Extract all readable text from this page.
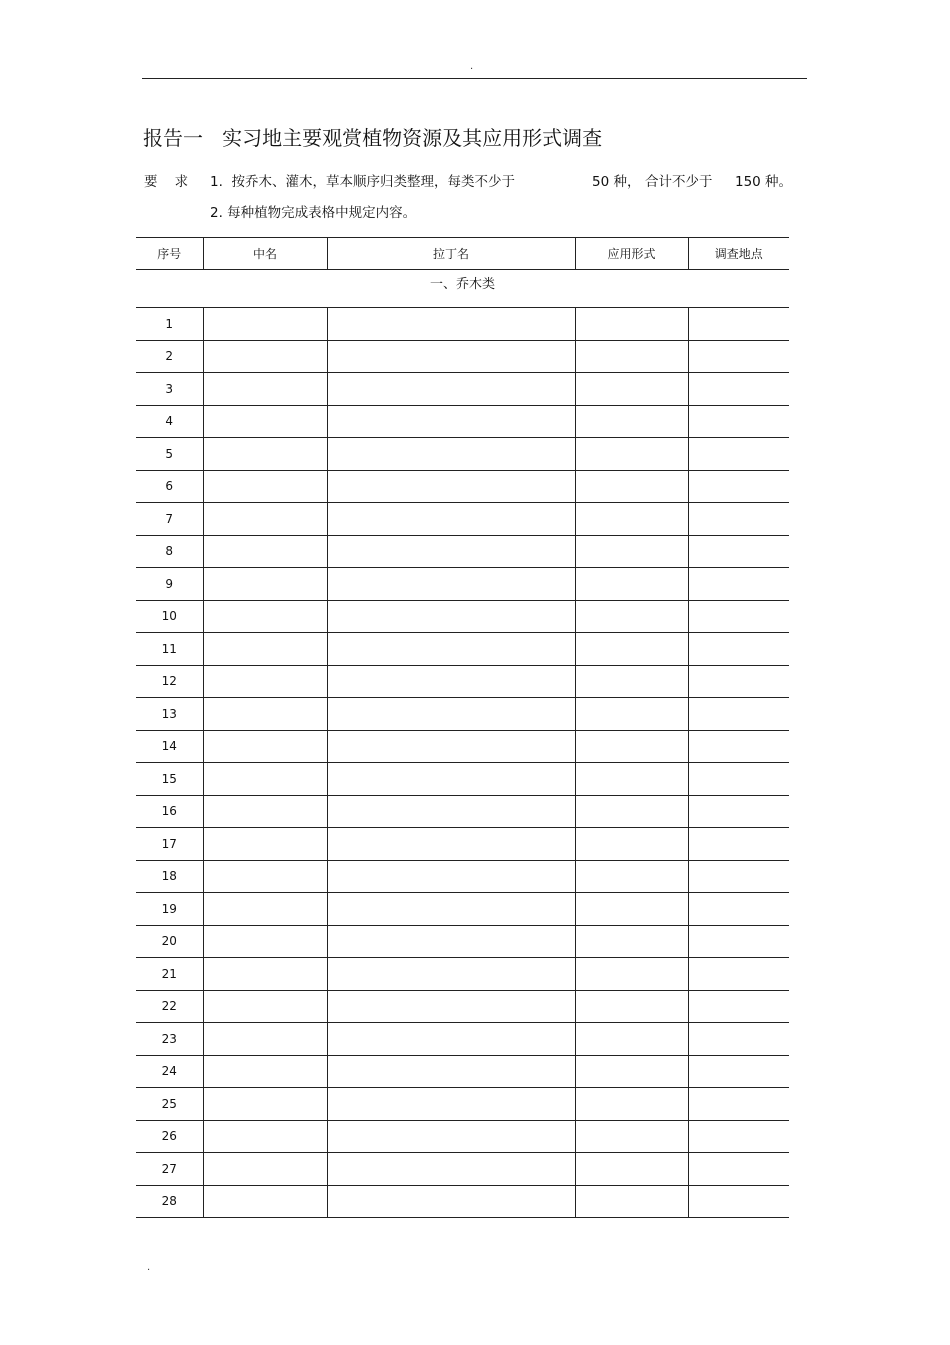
.
报告一   实习地主要观赏植物资源及其应用形式调查
要    求 1.  按乔木、灌木，草本顺序归类整理，每类不少于	50 种， 合计不少于 150 种。
2. 每种植物完成表格中规定内容。
序号	中名	拉丁名	应用形式	调查地点
一、乔木类				
1				
2				
3				
4				
5				
6				
7				
8				
9				
10				
11				
12				
13				
14				
15				
16				
17				
18				
19				
20				
21				
22				
23				
24				
25				
26				
27				
28				
.
